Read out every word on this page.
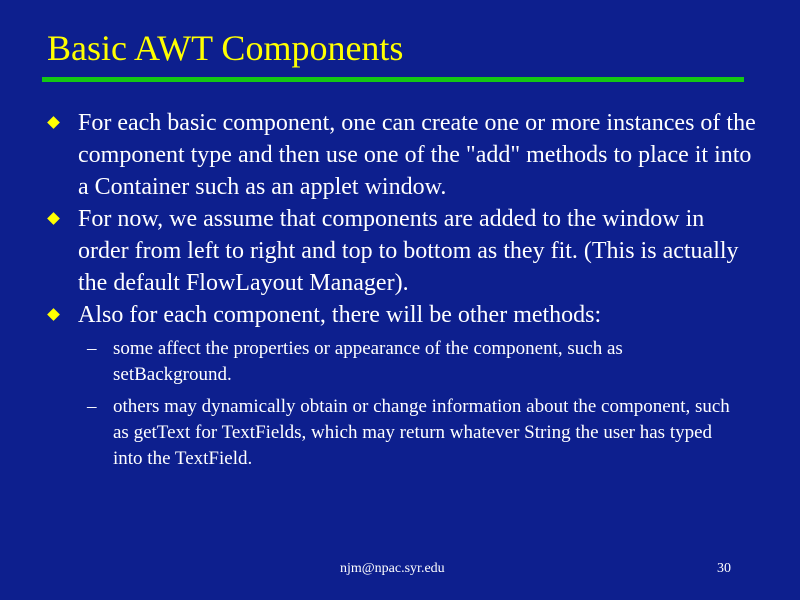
Basic AWT Components
For each basic component, one can create one or more instances of the component type and then use one of the "add" methods to place it into a Container such as an applet window.
For now, we assume that components are added to the window in order from left to right and top to bottom as they fit. (This is actually the default FlowLayout Manager).
Also for each component, there will be other methods:
– some affect the properties or appearance of the component, such as setBackground.
– others may dynamically obtain or change information about the component, such as getText for TextFields, which may return whatever String the user has typed into the TextField.
njm@npac.syr.edu	30
